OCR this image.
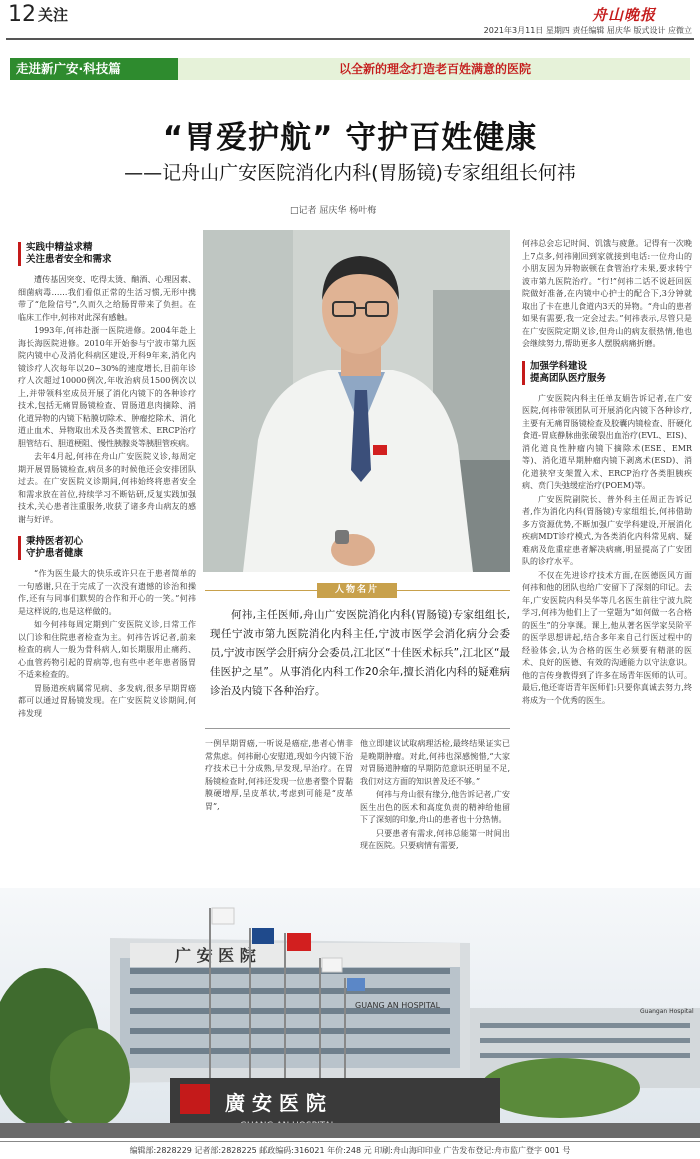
12 关注	舟山晚报
2021年3月11日 星期四 责任编辑 屈庆华 版式设计 应微立
走进新广安·科技篇	以全新的理念打造老百姓满意的医院
“胃爱护航” 守护百姓健康
——记舟山广安医院消化内科(胃肠镜)专家组组长何祎
□记者 屈庆华 杨叶梅
实践中精益求精
关注患者安全和需求

遭传基因突变、吃得太烫、酗酒、心理因素、细菌病毒……我们看似正常的生活习惯,无形中携带了“危险信号”,久而久之给肠胃带来了负担。在临床工作中,何祎对此深有感触。

1993年,何祎赴浙一医院进修。2004年赴上海长海医院进修。2010年开始参与宁波市第九医院内镜中心及消化科病区建设,开科9年来,消化内镜诊疗人次每年以20~30%的速度增长,目前年诊疗人次超过10000例次,年收治病员1500例次以上,并带领科室成员开展了消化内镜下的各种诊疗技术,包括无痛胃肠镜检查、胃肠道息肉摘除、消化道异物的内镜下粘膜切除术、肿瘤挖除术、消化道止血术、异物取出术及各类置管术、ERCP治疗胆管结石、胆道梗阻、慢性胰腺炎等胰胆管疾病。

去年4月起,何祎在舟山广安医院义诊,每周定期开展胃肠镜检查,病员多的时候他还会安排团队过去。在广安医院义诊期间,何祎始终将患者安全和需求放在首位,持续学习不断钻研,反复实践加强技术,关心患者注重服务,收获了诸多舟山病友的感谢与好评。

秉持医者初心
守护患者健康

“作为医生最大的快乐或许只在于患者简单的一句感谢,只在于完成了一次没有遗憾的诊治和操作,还有与同事们默契的合作和开心的一笑。”何祎是这样说的,也是这样做的。

如今何祎每周定期到广安医院义诊,日常工作以门诊和住院患者检查为主。何祎告诉记者,前来检查的病人一般为骨科病人,如长期服用止痛药、心血管药物引起的胃病等,也有些中老年患者肠胃不适来检查的。

胃肠道疾病属常见病、多发病,很多早期胃癌都可以通过胃肠镜发现。在广安医院义诊期间,何祎发现

人物名片
何祎,主任医师,舟山广安医院消化内科(胃肠镜)专家组组长,现任宁波市第九医院消化内科主任,宁波市医学会消化病分会委员,宁波市医学会肝病分会委员,江北区“十佳医术标兵”,江北区“最佳医护之星”。从事消化内科工作20余年,擅长消化内科的疑难病诊治及内镜下各种治疗。

一例早期胃癌,一听说是癌症,患者心情非常焦虑。何祎耐心安慰道,现如今内镜下治疗技术已十分成熟,早发现,早治疗。在胃肠镜检查时,何祎还发现一位患者整个胃黏膜硬增厚,呈皮革状,考虑到可能是“皮革胃”,

他立即建议试取病理活检,最终结果证实已是晚期肿瘤。对此,何祎也深感惋惜,“大家对胃肠道肿瘤的早期防范意识还明显不足,我们对这方面的知识普及还不够。”

何祎与舟山很有缘分,他告诉记者,广安医生出色的医术和高度负责的精神给他留下了深刻的印象,舟山的患者也十分热情。

只要患者有需求,何祎总能第一时间出现在医院。只要病情有需要,

何祎总会忘记时间、饥饿与疲惫。记得有一次晚上7点多,何祎刚回到家就接到电话:一位舟山的小朋友因为异物嵌顿在食管治疗未果,要求转宁波市第九医院治疗。“行!”何祎二话不说赶回医院做好准备,在内镜中心护士的配合下,3分钟就取出了卡在患儿食道内3天的异物。“舟山的患者如果有需要,我一定会过去。”何祎表示,尽管只是在广安医院定期义诊,但舟山的病友很热情,他也会继续努力,帮助更多人摆脱病痛折磨。

加强学科建设
提高团队医疗服务

广安医院内科主任单友娟告诉记者,在广安医院,何祎带领团队可开展消化内镜下各种诊疗,主要有无痛胃肠镜检查及胶囊内镜检查、肝硬化食道-胃底静脉曲张破裂出血治疗(EVL、EIS)、消化道良性肿瘤内镜下摘除术(ESE、EMR等)、消化道早期肿瘤内镜下剥离术(ESD)、消化道狭窄支架置入术、ERCP治疗各类胆胰疾病、贲门失弛缓症治疗(POEM)等。

广安医院副院长、普外科主任周正告诉记者,作为消化内科(胃肠镜)专家组组长,何祎借助多方资源优势,不断加强广安学科建设,开展消化疾病MDT诊疗模式,为各类消化内科常见病、疑难病及危重症患者解决病痛,明显提高了广安团队的诊疗水平。

不仅在先进诊疗技术方面,在医德医风方面何祎和他的团队也给广安留下了深刻的印记。去年,广安医院内科吴华等几名医生前往宁波九院学习,何祎为他们上了一堂题为“如何做一名合格的医生”的分享课。课上,他从著名医学家吴阶平的医学思想讲起,结合多年来自己行医过程中的经验体会,认为合格的医生必须要有精湛的医术、良好的医德、有效的沟通能力以守法意识。他的言传身教得到了许多在场青年医师的认可。最后,他还寄语青年医师们:只要你真诚去努力,终将成为一个优秀的医生。

广 安 医 院
GUANG AN HOSPITAL
Guangan Hospital
廣 安 医 院
编辑部:2828229 记者部:2828225 邮政编码:316021 年价:248 元 印刷:舟山海印印业 广告发布登记:舟市监广登字 001 号
